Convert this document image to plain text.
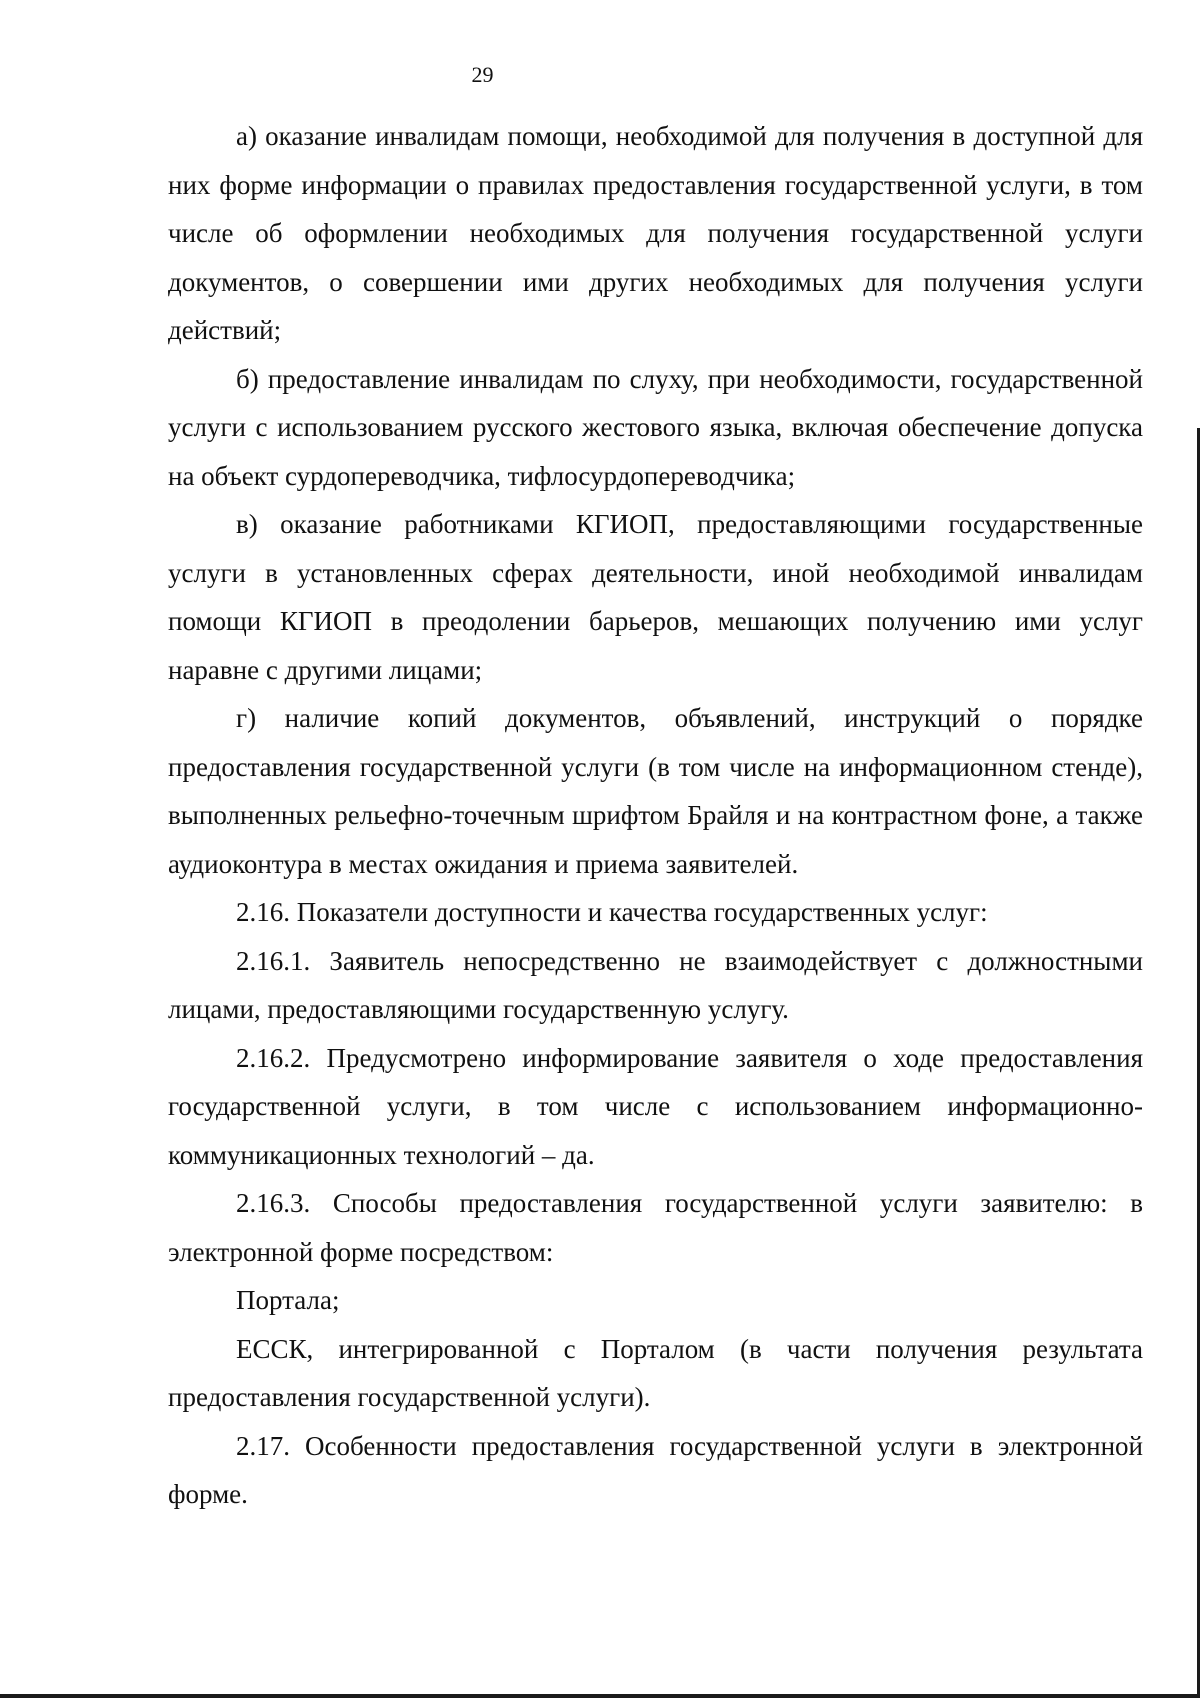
29

а) оказание инвалидам помощи, необходимой для получения в доступной для них форме информации о правилах предоставления государственной услуги, в том числе об оформлении необходимых для получения государственной услуги документов, о совершении ими других необходимых для получения услуги действий;

б) предоставление инвалидам по слуху, при необходимости, государственной услуги с использованием русского жестового языка, включая обеспечение допуска на объект сурдопереводчика, тифлосурдопереводчика;

в) оказание работниками КГИОП, предоставляющими государственные услуги в установленных сферах деятельности, иной необходимой инвалидам помощи КГИОП в преодолении барьеров, мешающих получению ими услуг наравне с другими лицами;

г) наличие копий документов, объявлений, инструкций о порядке предоставления государственной услуги (в том числе на информационном стенде), выполненных рельефно-точечным шрифтом Брайля и на контрастном фоне, а также аудиоконтура в местах ожидания и приема заявителей.

2.16. Показатели доступности и качества государственных услуг:

2.16.1. Заявитель непосредственно не взаимодействует с должностными лицами, предоставляющими государственную услугу.

2.16.2. Предусмотрено информирование заявителя о ходе предоставления государственной услуги, в том числе с использованием информационно-коммуникационных технологий – да.

2.16.3. Способы предоставления государственной услуги заявителю: в электронной форме посредством:

Портала;

ЕССК, интегрированной с Порталом (в части получения результата предоставления государственной услуги).

2.17. Особенности предоставления государственной услуги в электронной форме.
